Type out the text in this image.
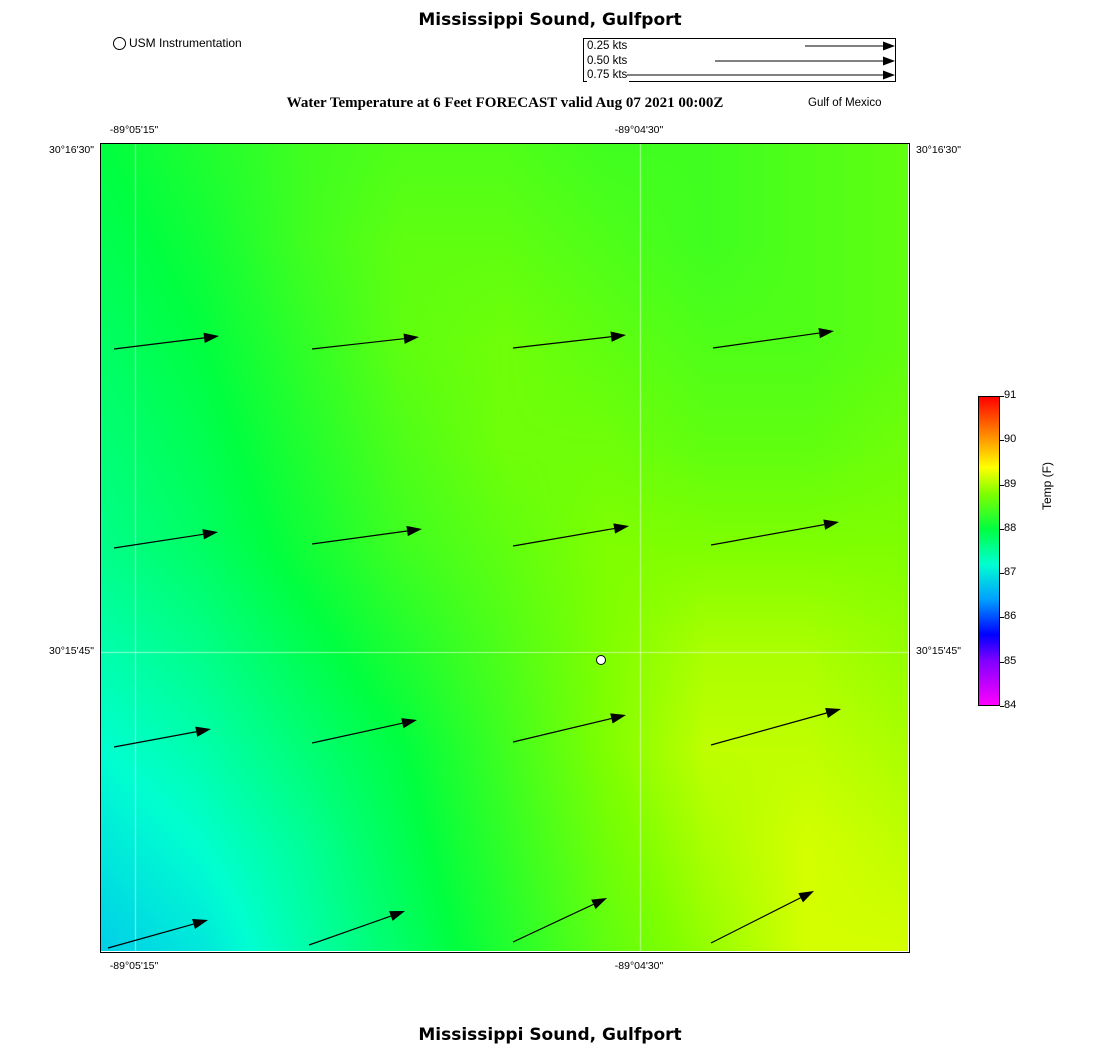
Mississippi Sound, Gulfport
USM Instrumentation	0.25 kts
0.50 kts
0.75 kts
Water Temperature at 6 Feet FORECAST valid Aug 07 2021 00:00Z	Gulf of Mexico
-89°05'15"	-89°04'30"
-89°05'15"	-89°04'30"
30°16'30"
30°15'45"
30°16'30"
30°15'45"
91
90
89
88
87
86
85
84
Temp (F)
Mississippi Sound, Gulfport
